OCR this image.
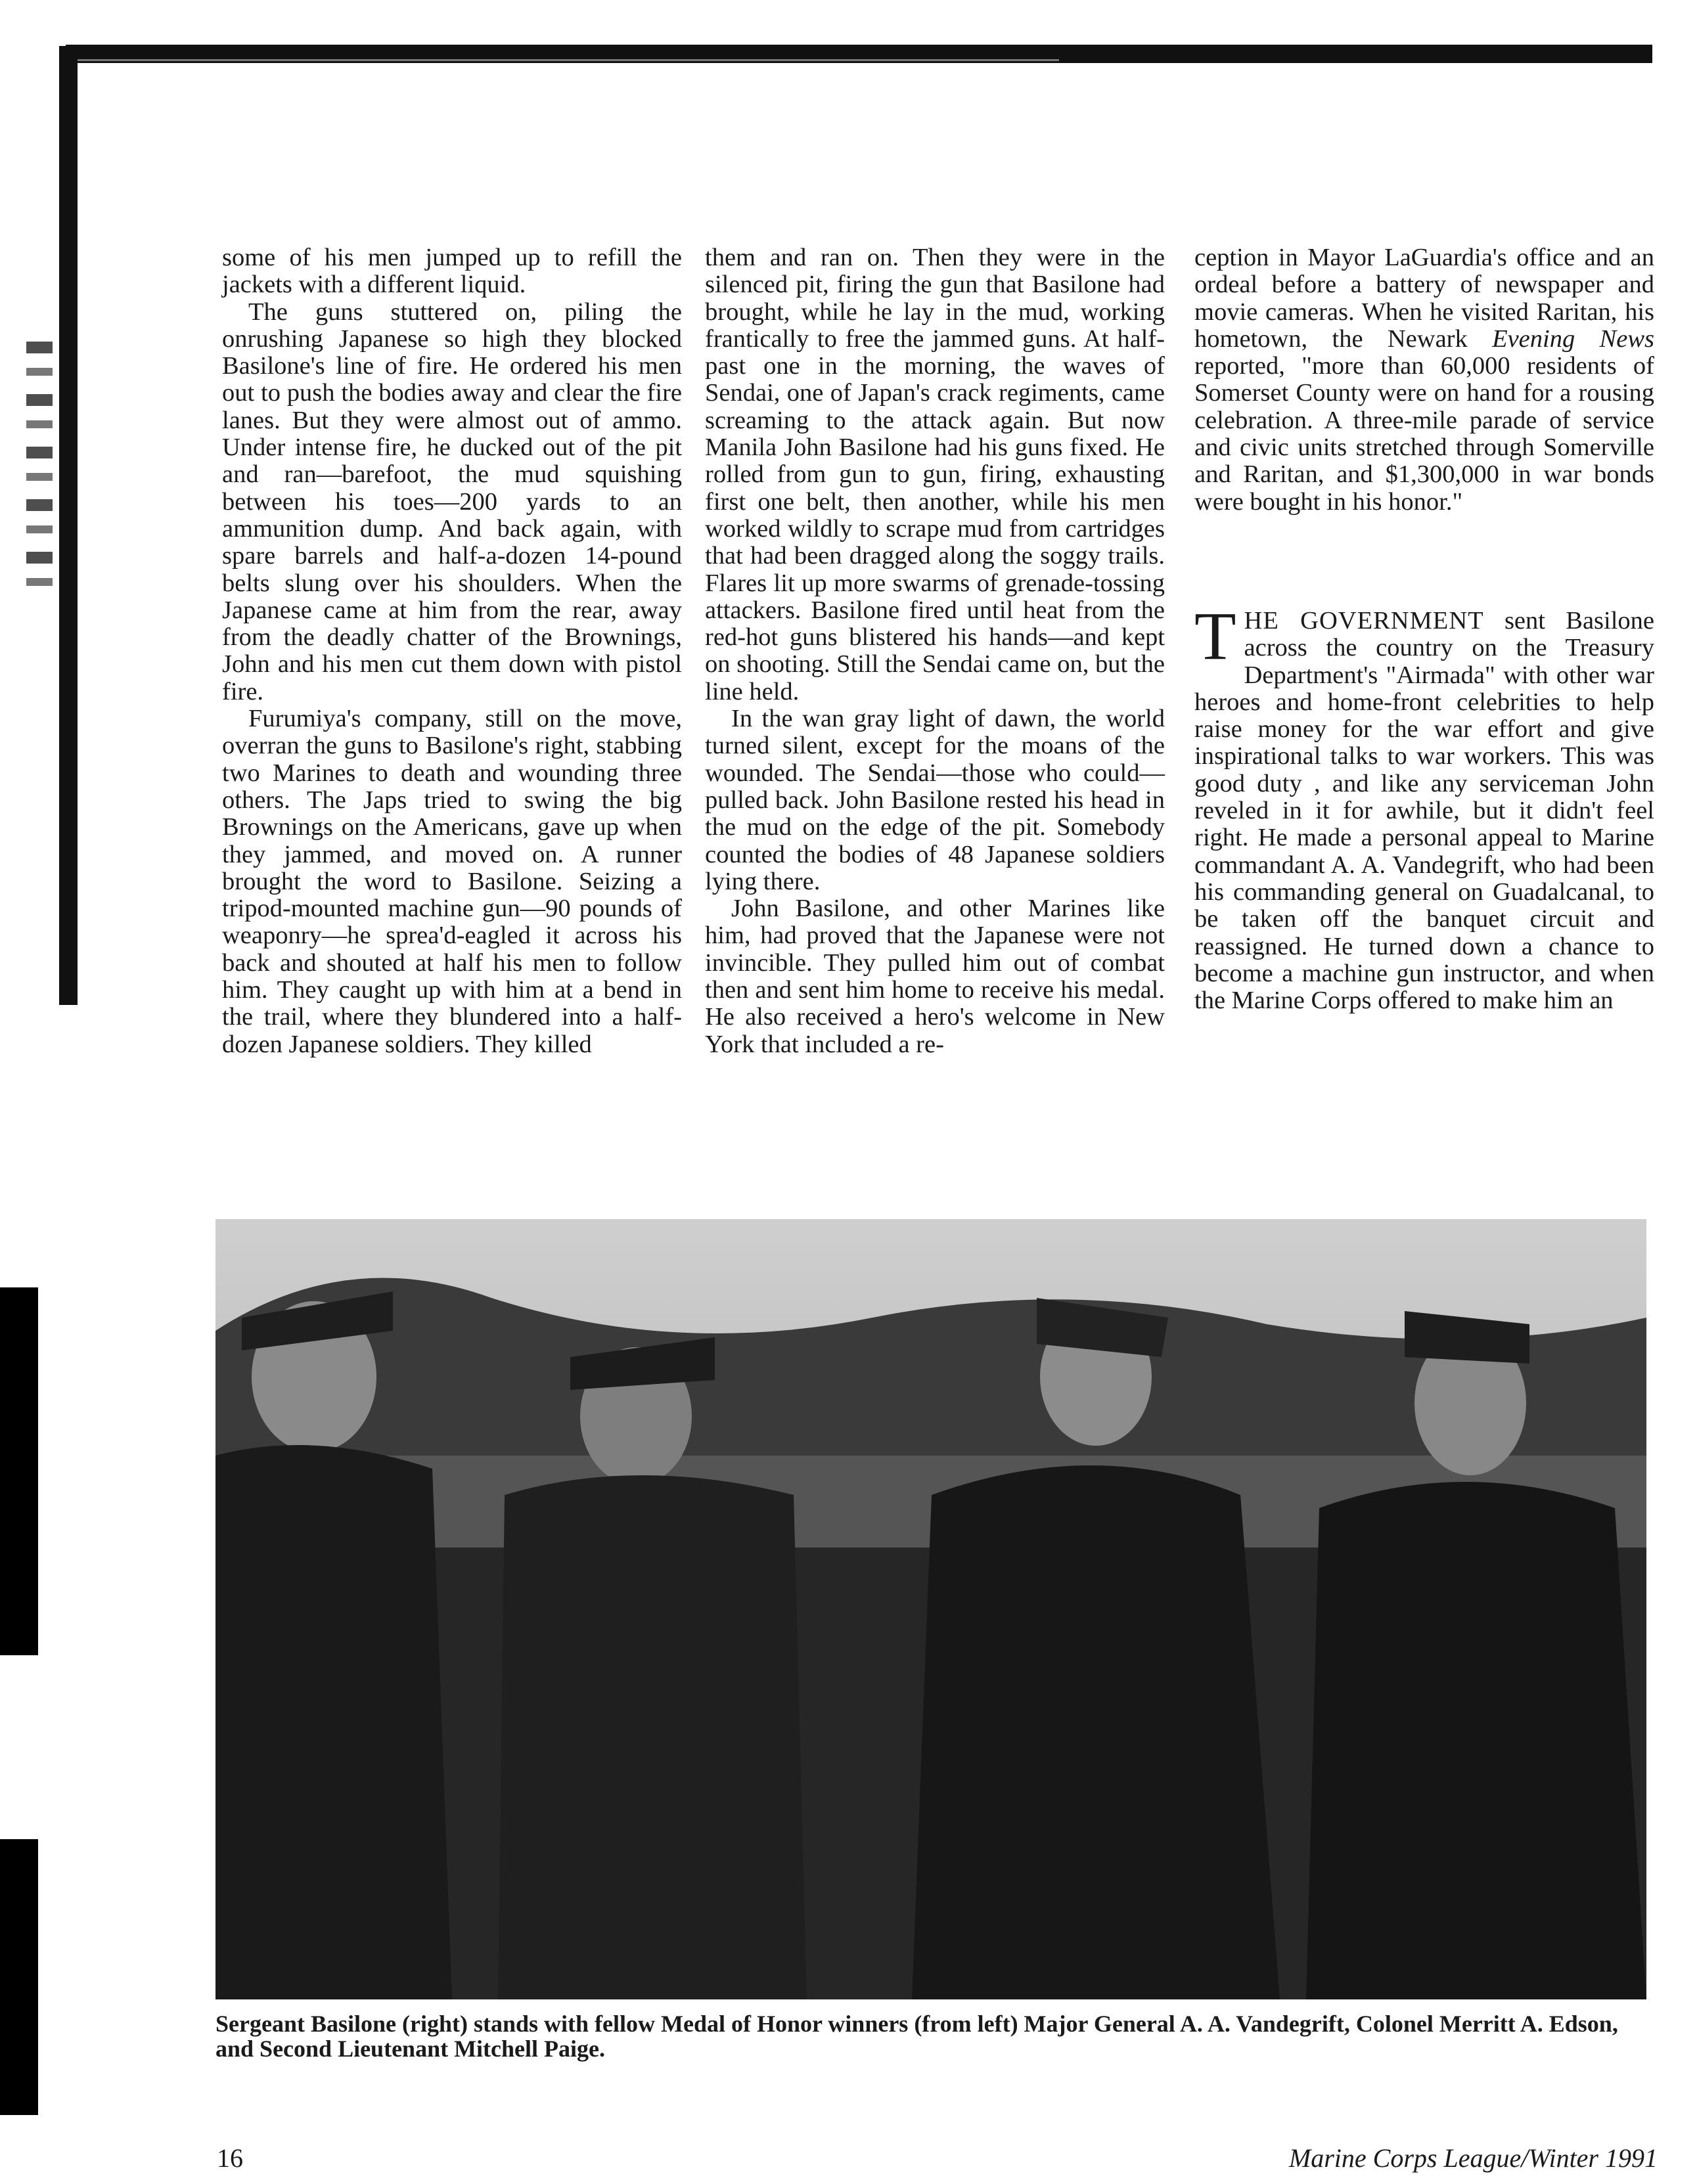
some of his men jumped up to refill the jackets with a different liquid.

The guns stuttered on, piling the onrushing Japanese so high they blocked Basilone's line of fire. He ordered his men out to push the bodies away and clear the fire lanes. But they were almost out of ammo. Under intense fire, he ducked out of the pit and ran—barefoot, the mud squishing between his toes—200 yards to an ammunition dump. And back again, with spare barrels and half-a-dozen 14-pound belts slung over his shoulders. When the Japanese came at him from the rear, away from the deadly chatter of the Brownings, John and his men cut them down with pistol fire.

Furumiya's company, still on the move, overran the guns to Basilone's right, stabbing two Marines to death and wounding three others. The Japs tried to swing the big Brownings on the Americans, gave up when they jammed, and moved on. A runner brought the word to Basilone. Seizing a tripod-mounted machine gun—90 pounds of weaponry—he sprea'd-eagled it across his back and shouted at half his men to follow him. They caught up with him at a bend in the trail, where they blundered into a half-dozen Japanese soldiers. They killed

them and ran on. Then they were in the silenced pit, firing the gun that Basilone had brought, while he lay in the mud, working frantically to free the jammed guns. At half-past one in the morning, the waves of Sendai, one of Japan's crack regiments, came screaming to the attack again. But now Manila John Basilone had his guns fixed. He rolled from gun to gun, firing, exhausting first one belt, then another, while his men worked wildly to scrape mud from cartridges that had been dragged along the soggy trails. Flares lit up more swarms of grenade-tossing attackers. Basilone fired until heat from the red-hot guns blistered his hands—and kept on shooting. Still the Sendai came on, but the line held.

In the wan gray light of dawn, the world turned silent, except for the moans of the wounded. The Sendai—those who could—pulled back. John Basilone rested his head in the mud on the edge of the pit. Somebody counted the bodies of 48 Japanese soldiers lying there.

John Basilone, and other Marines like him, had proved that the Japanese were not invincible. They pulled him out of combat then and sent him home to receive his medal. He also received a hero's welcome in New York that included a re-

ception in Mayor LaGuardia's office and an ordeal before a battery of newspaper and movie cameras. When he visited Raritan, his hometown, the Newark Evening News reported, "more than 60,000 residents of Somerset County were on hand for a rousing celebration. A three-mile parade of service and civic units stretched through Somerville and Raritan, and $1,300,000 in war bonds were bought in his honor."

THE GOVERNMENT sent Basilone across the country on the Treasury Department's "Airmada" with other war heroes and home-front celebrities to help raise money for the war effort and give inspirational talks to war workers. This was good duty , and like any serviceman John reveled in it for awhile, but it didn't feel right. He made a personal appeal to Marine commandant A. A. Vandegrift, who had been his commanding general on Guadalcanal, to be taken off the banquet circuit and reassigned. He turned down a chance to become a machine gun instructor, and when the Marine Corps offered to make him an

Sergeant Basilone (right) stands with fellow Medal of Honor winners (from left) Major General A. A. Vandegrift, Colonel Merritt A. Edson, and Second Lieutenant Mitchell Paige.

16	Marine Corps League/Winter 1991
